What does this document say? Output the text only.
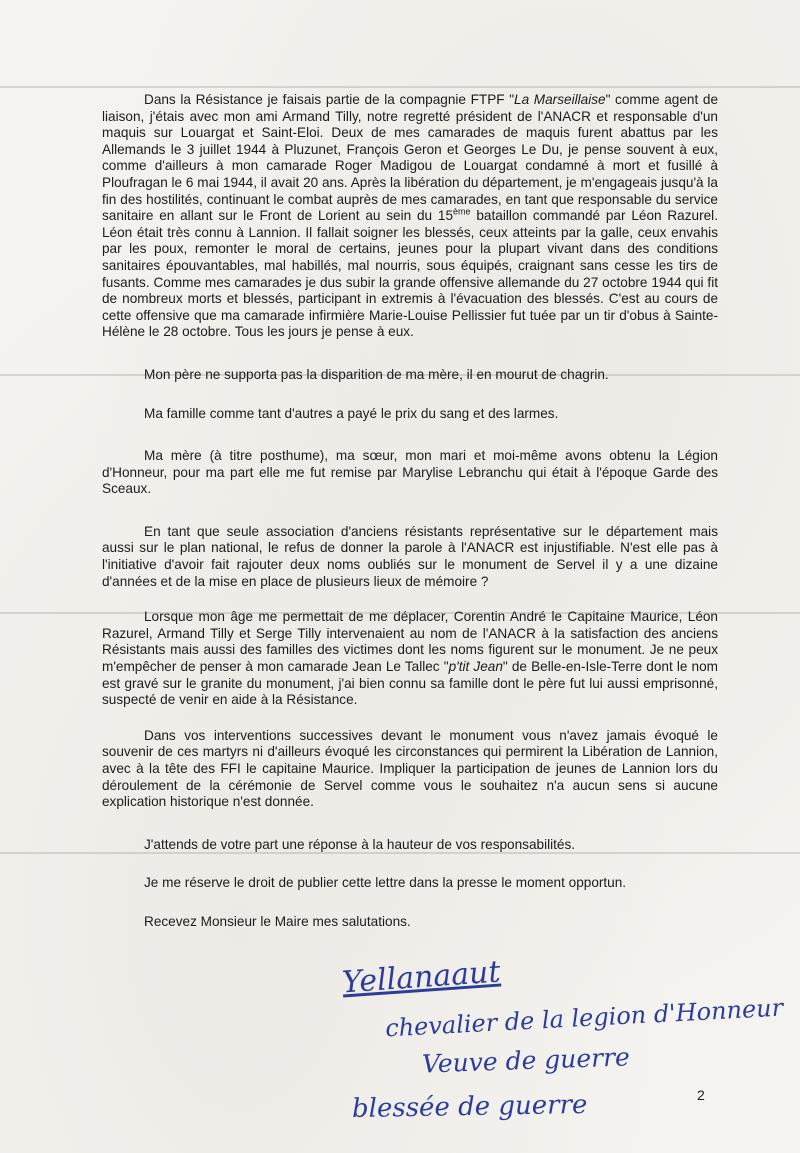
Dans la Résistance je faisais partie de la compagnie FTPF "La Marseillaise" comme agent de liaison, j'étais avec mon ami Armand Tilly, notre regretté président de l'ANACR et responsable d'un maquis sur Louargat et Saint-Eloi. Deux de mes camarades de maquis furent abattus par les Allemands le 3 juillet 1944 à Pluzunet, François Geron et Georges Le Du, je pense souvent à eux, comme d'ailleurs à mon camarade Roger Madigou de Louargat condamné à mort et fusillé à Ploufragan le 6 mai 1944, il avait 20 ans. Après la libération du département, je m'engageais jusqu'à la fin des hostilités, continuant le combat auprès de mes camarades, en tant que responsable du service sanitaire en allant sur le Front de Lorient au sein du 15ème bataillon commandé par Léon Razurel. Léon était très connu à Lannion. Il fallait soigner les blessés, ceux atteints par la galle, ceux envahis par les poux, remonter le moral de certains, jeunes pour la plupart vivant dans des conditions sanitaires épouvantables, mal habillés, mal nourris, sous équipés, craignant sans cesse les tirs de fusants. Comme mes camarades je dus subir la grande offensive allemande du 27 octobre 1944 qui fit de nombreux morts et blessés, participant in extremis à l'évacuation des blessés. C'est au cours de cette offensive que ma camarade infirmière Marie-Louise Pellissier fut tuée par un tir d'obus à Sainte-Hélène le 28 octobre. Tous les jours je pense à eux.

Mon père ne supporta pas la disparition de ma mère, il en mourut de chagrin.

Ma famille comme tant d'autres a payé le prix du sang et des larmes.

Ma mère (à titre posthume), ma sœur, mon mari et moi-même avons obtenu la Légion d'Honneur, pour ma part elle me fut remise par Marylise Lebranchu qui était à l'époque Garde des Sceaux.

En tant que seule association d'anciens résistants représentative sur le département mais aussi sur le plan national, le refus de donner la parole à l'ANACR est injustifiable. N'est elle pas à l'initiative d'avoir fait rajouter deux noms oubliés sur le monument de Servel il y a une dizaine d'années et de la mise en place de plusieurs lieux de mémoire ?

Lorsque mon âge me permettait de me déplacer, Corentin André le Capitaine Maurice, Léon Razurel, Armand Tilly et Serge Tilly intervenaient au nom de l'ANACR à la satisfaction des anciens Résistants mais aussi des familles des victimes dont les noms figurent sur le monument. Je ne peux m'empêcher de penser à mon camarade Jean Le Tallec "p'tit Jean" de Belle-en-Isle-Terre dont le nom est gravé sur le granite du monument, j'ai bien connu sa famille dont le père fut lui aussi emprisonné, suspecté de venir en aide à la Résistance.

Dans vos interventions successives devant le monument vous n'avez jamais évoqué le souvenir de ces martyrs ni d'ailleurs évoqué les circonstances qui permirent la Libération de Lannion, avec à la tête des FFI le capitaine Maurice. Impliquer la participation de jeunes de Lannion lors du déroulement de la cérémonie de Servel comme vous le souhaitez n'a aucun sens si aucune explication historique n'est donnée.

J'attends de votre part une réponse à la hauteur de vos responsabilités.

Je me réserve le droit de publier cette lettre dans la presse le moment opportun.

Recevez Monsieur le Maire mes salutations.

Yellanaaut
chevalier de la legion d'Honneur
Veuve de guerre
blessée de guerre	2
